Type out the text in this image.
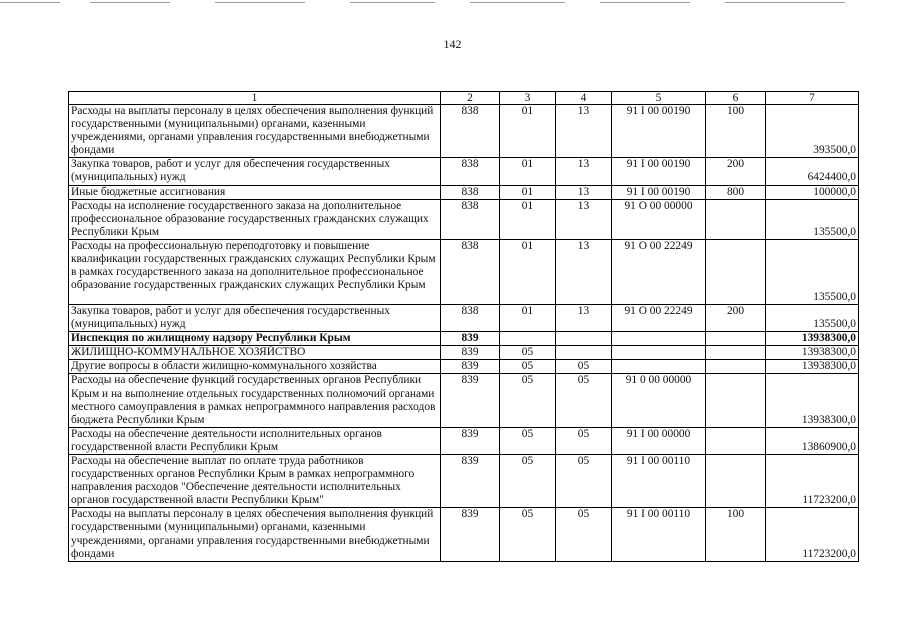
142
1	2	3	4	5	6	7
Расходы на выплаты персоналу в целях обеспечения выполнения функций государственными (муниципальными) органами, казенными учреждениями, органами управления государственными внебюджетными фондами	838	01	13	91 I 00 00190	100	393500,0
Закупка товаров, работ и услуг для обеспечения государственных (муниципальных) нужд	838	01	13	91 I 00 00190	200	6424400,0
Иные бюджетные ассигнования	838	01	13	91 I 00 00190	800	100000,0
Расходы на исполнение государственного заказа на дополнительное профессиональное образование государственных гражданских служащих Республики Крым	838	01	13	91 O 00 00000		135500,0
Расходы на профессиональную переподготовку и повышение квалификации государственных гражданских служащих Республики Крым в рамках государственного заказа на дополнительное профессиональное образование государственных гражданских служащих Республики Крым	838	01	13	91 O 00 22249		135500,0
Закупка товаров, работ и услуг для обеспечения государственных (муниципальных) нужд	838	01	13	91 O 00 22249	200	135500,0
Инспекция по жилищному надзору Республики Крым	839					13938300,0
ЖИЛИЩНО-КОММУНАЛЬНОЕ ХОЗЯЙСТВО	839	05				13938300,0
Другие вопросы в области жилищно-коммунального хозяйства	839	05	05			13938300,0
Расходы на обеспечение функций государственных органов Республики Крым и на выполнение отдельных государственных полномочий органами местного самоуправления в рамках непрограммного направления расходов бюджета Республики Крым	839	05	05	91 0 00 00000		13938300,0
Расходы на обеспечение деятельности исполнительных органов государственной власти Республики Крым	839	05	05	91 I 00 00000		13860900,0
Расходы на обеспечение выплат по оплате труда работников государственных органов Республики Крым в рамках непрограммного направления расходов "Обеспечение деятельности исполнительных органов государственной власти Республики Крым"	839	05	05	91 I 00 00110		11723200,0
Расходы на выплаты персоналу в целях обеспечения выполнения функций государственными (муниципальными) органами, казенными учреждениями, органами управления государственными внебюджетными фондами	839	05	05	91 I 00 00110	100	11723200,0
